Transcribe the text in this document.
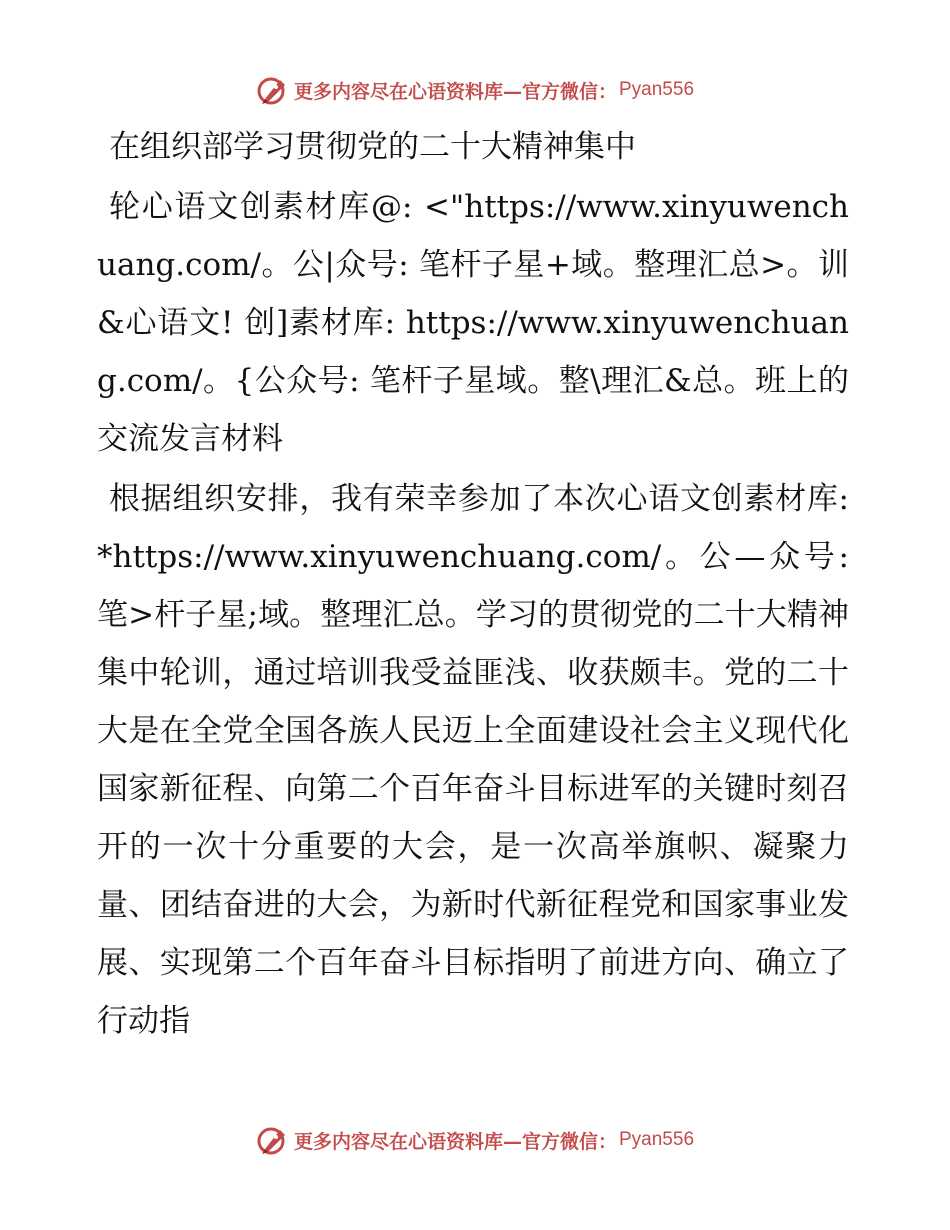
更多内容尽在心语资料库—官方微信： Pyan556

在组织部学习贯彻党的二十大精神集中

轮心语文创素材库@: <"https://www.xinyuwenchuang.com/。公|众号: 笔杆子星+域。整理汇总>。训&心语文! 创]素材库: https://www.xinyuwenchuang.com/。{公众号: 笔杆子星域。整\理汇&总。班上的交流发言材料

根据组织安排，我有荣幸参加了本次心语文创素材库: *https://www.xinyuwenchuang.com/。公—众号: 笔>杆子星;域。整理汇总。学习的贯彻党的二十大精神集中轮训，通过培训我受益匪浅、收获颇丰。党的二十大是在全党全国各族人民迈上全面建设社会主义现代化国家新征程、向第二个百年奋斗目标进军的关键时刻召开的一次十分重要的大会，是一次高举旗帜、凝聚力量、团结奋进的大会，为新时代新征程党和国家事业发展、实现第二个百年奋斗目标指明了前进方向、确立了行动指

更多内容尽在心语资料库—官方微信： Pyan556
